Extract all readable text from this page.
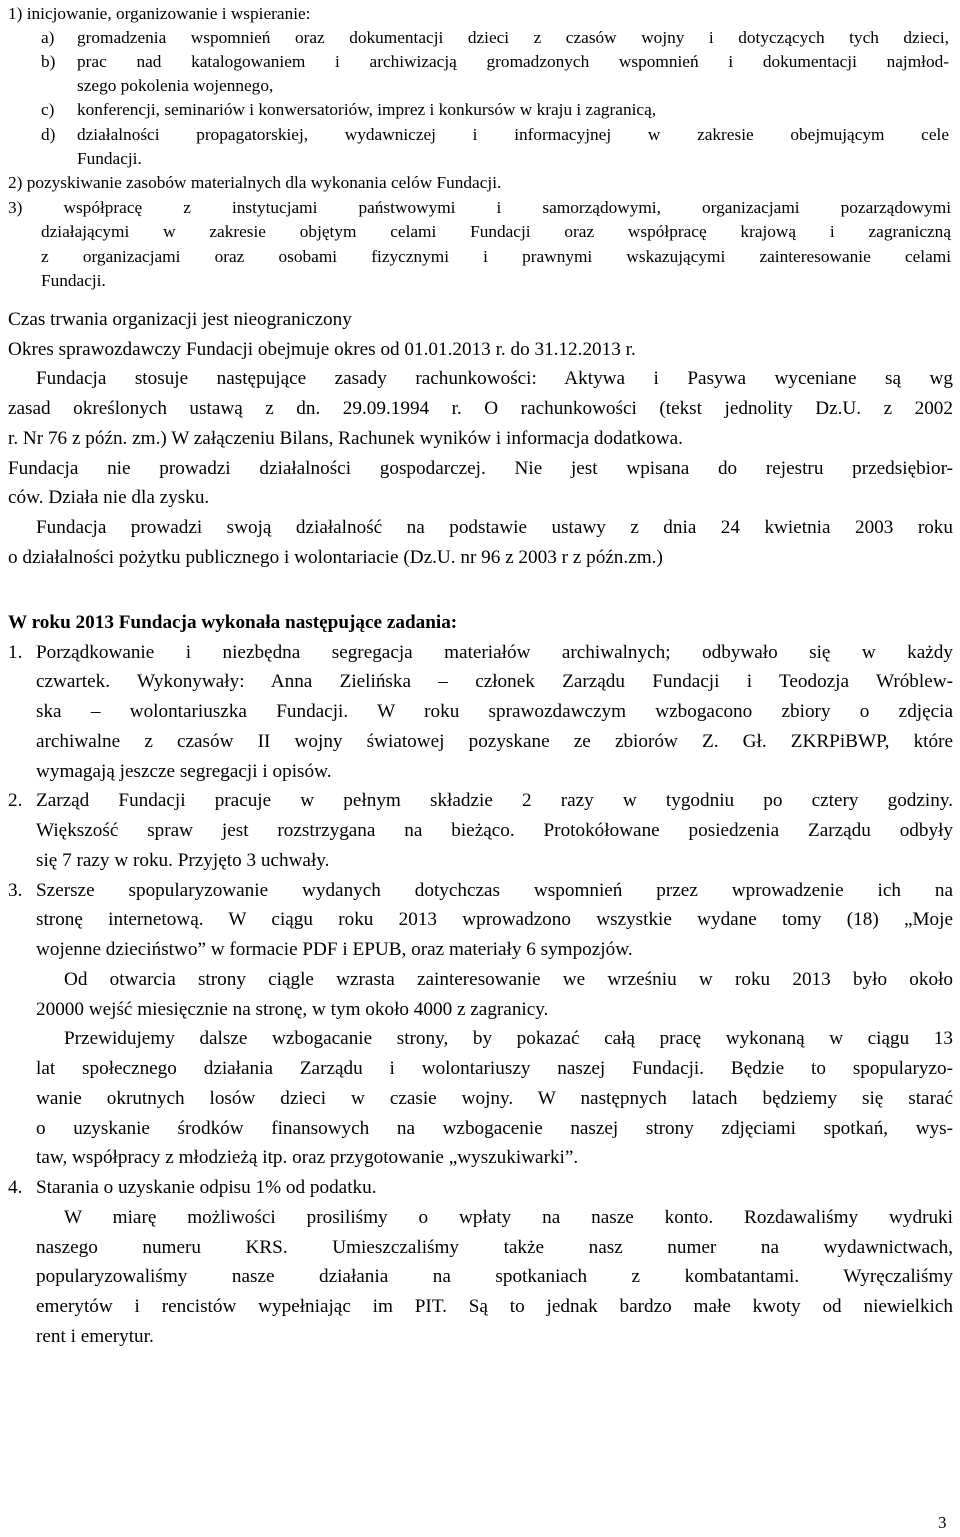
1) inicjowanie, organizowanie i wspieranie:
a) gromadzenia wspomnień oraz dokumentacji dzieci z czasów wojny i dotyczących tych dzieci,
b) prac nad katalogowaniem i archiwizacją gromadzonych wspomnień i dokumentacji najmłod-
szego pokolenia wojennego,
c) konferencji, seminariów i konwersatoriów, imprez i konkursów w kraju i zagranicą,
d) działalności propagatorskiej, wydawniczej i informacyjnej w zakresie obejmującym cele
Fundacji.
2) pozyskiwanie zasobów materialnych dla wykonania celów Fundacji.
3) współpracę z instytucjami państwowymi i samorządowymi, organizacjami pozarządowymi
działającymi w zakresie objętym celami Fundacji oraz współpracę krajową i zagraniczną
z organizacjami oraz osobami fizycznymi i prawnymi wskazującymi zainteresowanie celami
Fundacji.
Czas trwania organizacji jest nieograniczony
Okres sprawozdawczy Fundacji obejmuje okres od 01.01.2013 r. do 31.12.2013 r.
Fundacja stosuje następujące zasady rachunkowości: Aktywa i Pasywa wyceniane są wg
zasad określonych ustawą z dn. 29.09.1994 r. O rachunkowości (tekst jednolity Dz.U. z 2002
r. Nr 76 z późn. zm.) W załączeniu Bilans, Rachunek wyników i informacja dodatkowa.
Fundacja nie prowadzi działalności gospodarczej. Nie jest wpisana do rejestru przedsiębior-
ców. Działa nie dla zysku.
Fundacja prowadzi swoją działalność na podstawie ustawy z dnia 24 kwietnia 2003 roku
o działalności pożytku publicznego i wolontariacie (Dz.U. nr 96 z 2003 r z późn.zm.)
W roku 2013 Fundacja wykonała następujące zadania:
1. Porządkowanie i niezbędna segregacja materiałów archiwalnych; odbywało się w każdy
czwartek. Wykonywały: Anna Zielińska – członek Zarządu Fundacji i Teodozja Wróblew-
ska – wolontariuszka Fundacji. W roku sprawozdawczym wzbogacono zbiory o zdjęcia
archiwalne z czasów II wojny światowej pozyskane ze zbiorów Z. Gł. ZKRPiBWP, które
wymagają jeszcze segregacji i opisów.
2. Zarząd Fundacji pracuje w pełnym składzie 2 razy w tygodniu po cztery godziny.
Większość spraw jest rozstrzygana na bieżąco. Protokółowane posiedzenia Zarządu odbyły
się 7 razy w roku. Przyjęto 3 uchwały.
3. Szersze spopularyzowanie wydanych dotychczas wspomnień przez wprowadzenie ich na
stronę internetową. W ciągu roku 2013 wprowadzono wszystkie wydane tomy (18) „Moje
wojenne dzieciństwo” w formacie PDF i EPUB, oraz materiały 6 sympozjów.
Od otwarcia strony ciągle wzrasta zainteresowanie we wrześniu w roku 2013 było około
20000 wejść miesięcznie na stronę, w tym około 4000 z zagranicy.
Przewidujemy dalsze wzbogacanie strony, by pokazać całą pracę wykonaną w ciągu 13
lat społecznego działania Zarządu i wolontariuszy naszej Fundacji. Będzie to spopularyzo-
wanie okrutnych losów dzieci w czasie wojny. W następnych latach będziemy się starać
o uzyskanie środków finansowych na wzbogacenie naszej strony zdjęciami spotkań, wys-
taw, współpracy z młodzieżą itp. oraz przygotowanie „wyszukiwarki”.
4. Starania o uzyskanie odpisu 1% od podatku.
W miarę możliwości prosiliśmy o wpłaty na nasze konto. Rozdawaliśmy wydruki
naszego numeru KRS. Umieszczaliśmy także nasz numer na wydawnictwach,
popularyzowaliśmy nasze działania na spotkaniach z kombatantami. Wyręczaliśmy
emerytów i rencistów wypełniając im PIT. Są to jednak bardzo małe kwoty od niewielkich
rent i emerytur.
3
